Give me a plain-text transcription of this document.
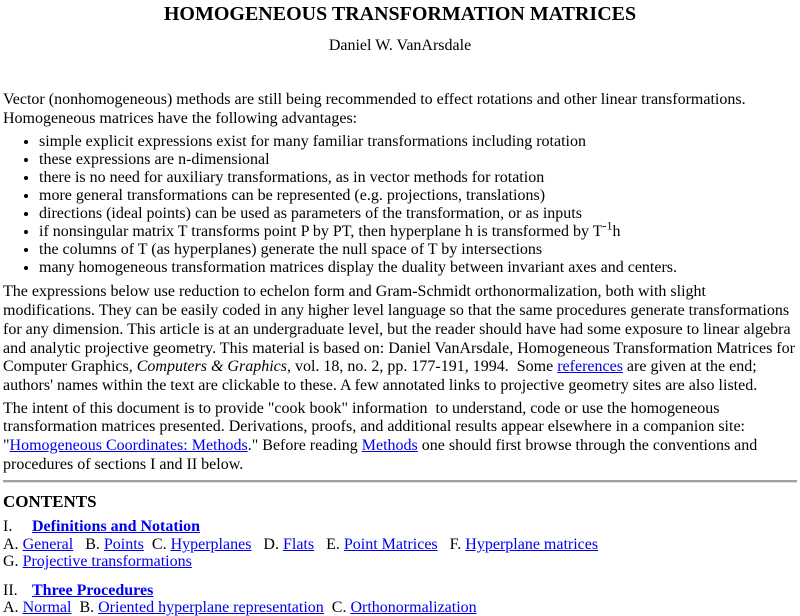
HOMOGENEOUS TRANSFORMATION MATRICES

Daniel W. VanArsdale

Vector (nonhomogeneous) methods are still being recommended to effect rotations and other linear transformations. Homogeneous matrices have the following advantages:

• simple explicit expressions exist for many familiar transformations including rotation
• these expressions are n-dimensional
• there is no need for auxiliary transformations, as in vector methods for rotation
• more general transformations can be represented (e.g. projections, translations)
• directions (ideal points) can be used as parameters of the transformation, or as inputs
• if nonsingular matrix T transforms point P by PT, then hyperplane h is transformed by $T^{-1}h$
• the columns of T (as hyperplanes) generate the null space of T by intersections
• many homogeneous transformation matrices display the duality between invariant axes and centers.

The expressions below use reduction to echelon form and Gram-Schmidt orthonormalization, both with slight modifications. They can be easily coded in any higher level language so that the same procedures generate transformations for any dimension. This article is at an undergraduate level, but the reader should have had some exposure to linear algebra and analytic projective geometry. This material is based on: Daniel VanArsdale, Homogeneous Transformation Matrices for Computer Graphics, Computers & Graphics, vol. 18, no. 2, pp. 177-191, 1994.  Some references are given at the end; authors' names within the text are clickable to these. A few annotated links to projective geometry sites are also listed.

The intent of this document is to provide "cook book" information  to understand, code or use the homogeneous transformation matrices presented. Derivations, proofs, and additional results appear elsewhere in a companion site: "Homogeneous Coordinates: Methods." Before reading Methods one should first browse through the conventions and procedures of sections I and II below.

CONTENTS

I. Definitions and Notation
A. General   B. Points  C. Hyperplanes   D. Flats   E. Point Matrices   F. Hyperplane matrices
G. Projective transformations

II. Three Procedures
A. Normal  B. Oriented hyperplane representation  C. Orthonormalization
